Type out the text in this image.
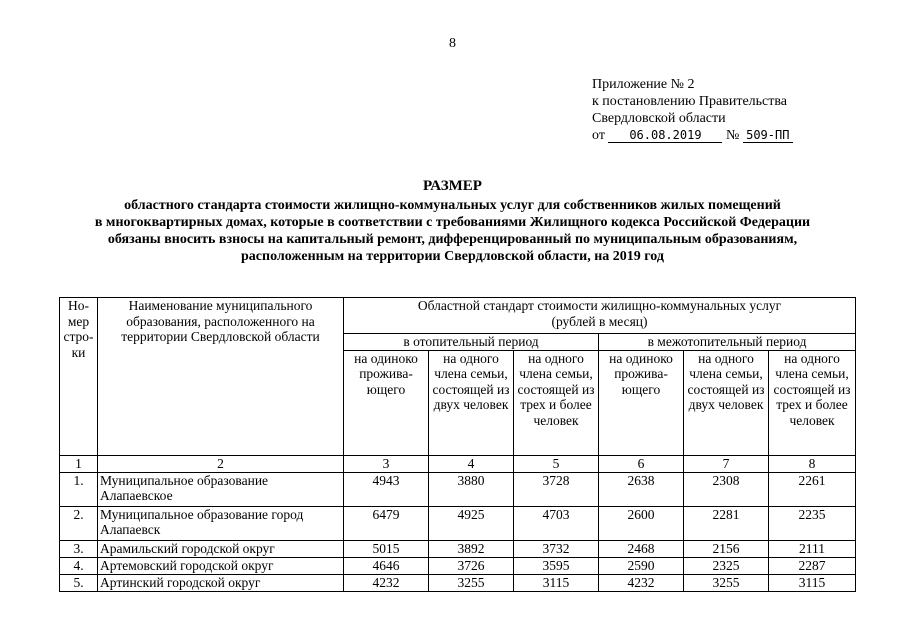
8
Приложение № 2
к постановлению Правительства
Свердловской области
от 06.08.2019 № 509-ПП
РАЗМЕР
областного стандарта стоимости жилищно-коммунальных услуг для собственников жилых помещений
в многоквартирных домах, которые в соответствии с требованиями Жилищного кодекса Российской Федерации
обязаны вносить взносы на капитальный ремонт, дифференцированный по муниципальным образованиям,
расположенным на территории Свердловской области, на 2019 год
Но-мер стро-ки	Наименование муниципального образования, расположенного на территории Свердловской области	Областной стандарт стоимости жилищно-коммунальных услуг (рублей в месяц)					
		в отопительный период			в межотопительный период		
		на одиноко прожива-ющего	на одного члена семьи, состоящей из двух человек	на одного члена семьи, состоящей из трех и более человек	на одиноко прожива-ющего	на одного члена семьи, состоящей из двух человек	на одного члена семьи, состоящей из трех и более человек
1	2	3	4	5	6	7	8
1.	Муниципальное образование Алапаевское	4943	3880	3728	2638	2308	2261
2.	Муниципальное образование город Алапаевск	6479	4925	4703	2600	2281	2235
3.	Арамильский городской округ	5015	3892	3732	2468	2156	2111
4.	Артемовский городской округ	4646	3726	3595	2590	2325	2287
5.	Артинский городской округ	4232	3255	3115	4232	3255	3115
